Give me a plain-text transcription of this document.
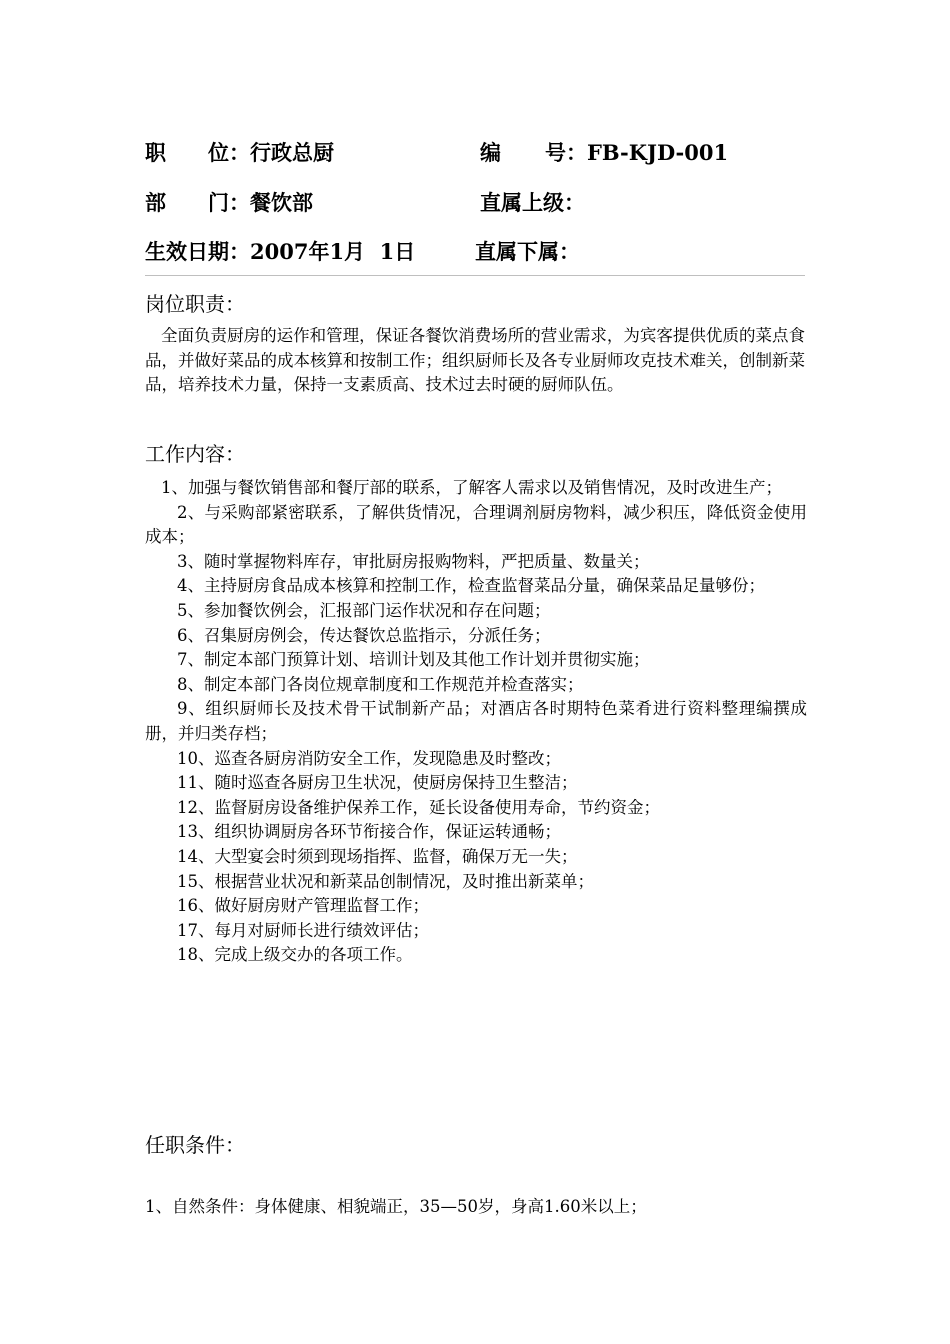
职 位：行政总厨	编 号：FB-KJD-001
部 门：餐饮部	直属上级：
生效日期：2007年1月  1日	直属下属：
岗位职责：
全面负责厨房的运作和管理，保证各餐饮消费场所的营业需求，为宾客提供优质的菜点食品，并做好菜品的成本核算和按制工作；组织厨师长及各专业厨师攻克技术难关，创制新菜品，培养技术力量，保持一支素质高、技术过去时硬的厨师队伍。
工作内容：
1、加强与餐饮销售部和餐厅部的联系，了解客人需求以及销售情况，及时改进生产；
2、与采购部紧密联系，了解供货情况，合理调剂厨房物料，减少积压，降低资金使用成本；
3、随时掌握物料库存，审批厨房报购物料，严把质量、数量关；
4、主持厨房食品成本核算和控制工作，检查监督菜品分量，确保菜品足量够份；
5、参加餐饮例会，汇报部门运作状况和存在问题；
6、召集厨房例会，传达餐饮总监指示，分派任务；
7、制定本部门预算计划、培训计划及其他工作计划并贯彻实施；
8、制定本部门各岗位规章制度和工作规范并检查落实；
9、组织厨师长及技术骨干试制新产品；对酒店各时期特色菜肴进行资料整理编撰成册，并归类存档；
10、巡查各厨房消防安全工作，发现隐患及时整改；
11、随时巡查各厨房卫生状况，使厨房保持卫生整洁；
12、监督厨房设备维护保养工作，延长设备使用寿命，节约资金；
13、组织协调厨房各环节衔接合作，保证运转通畅；
14、大型宴会时须到现场指挥、监督，确保万无一失；
15、根据营业状况和新菜品创制情况，及时推出新菜单；
16、做好厨房财产管理监督工作；
17、每月对厨师长进行绩效评估；
18、完成上级交办的各项工作。
任职条件：
1、自然条件：身体健康、相貌端正，35—50岁，身高1.60米以上；
